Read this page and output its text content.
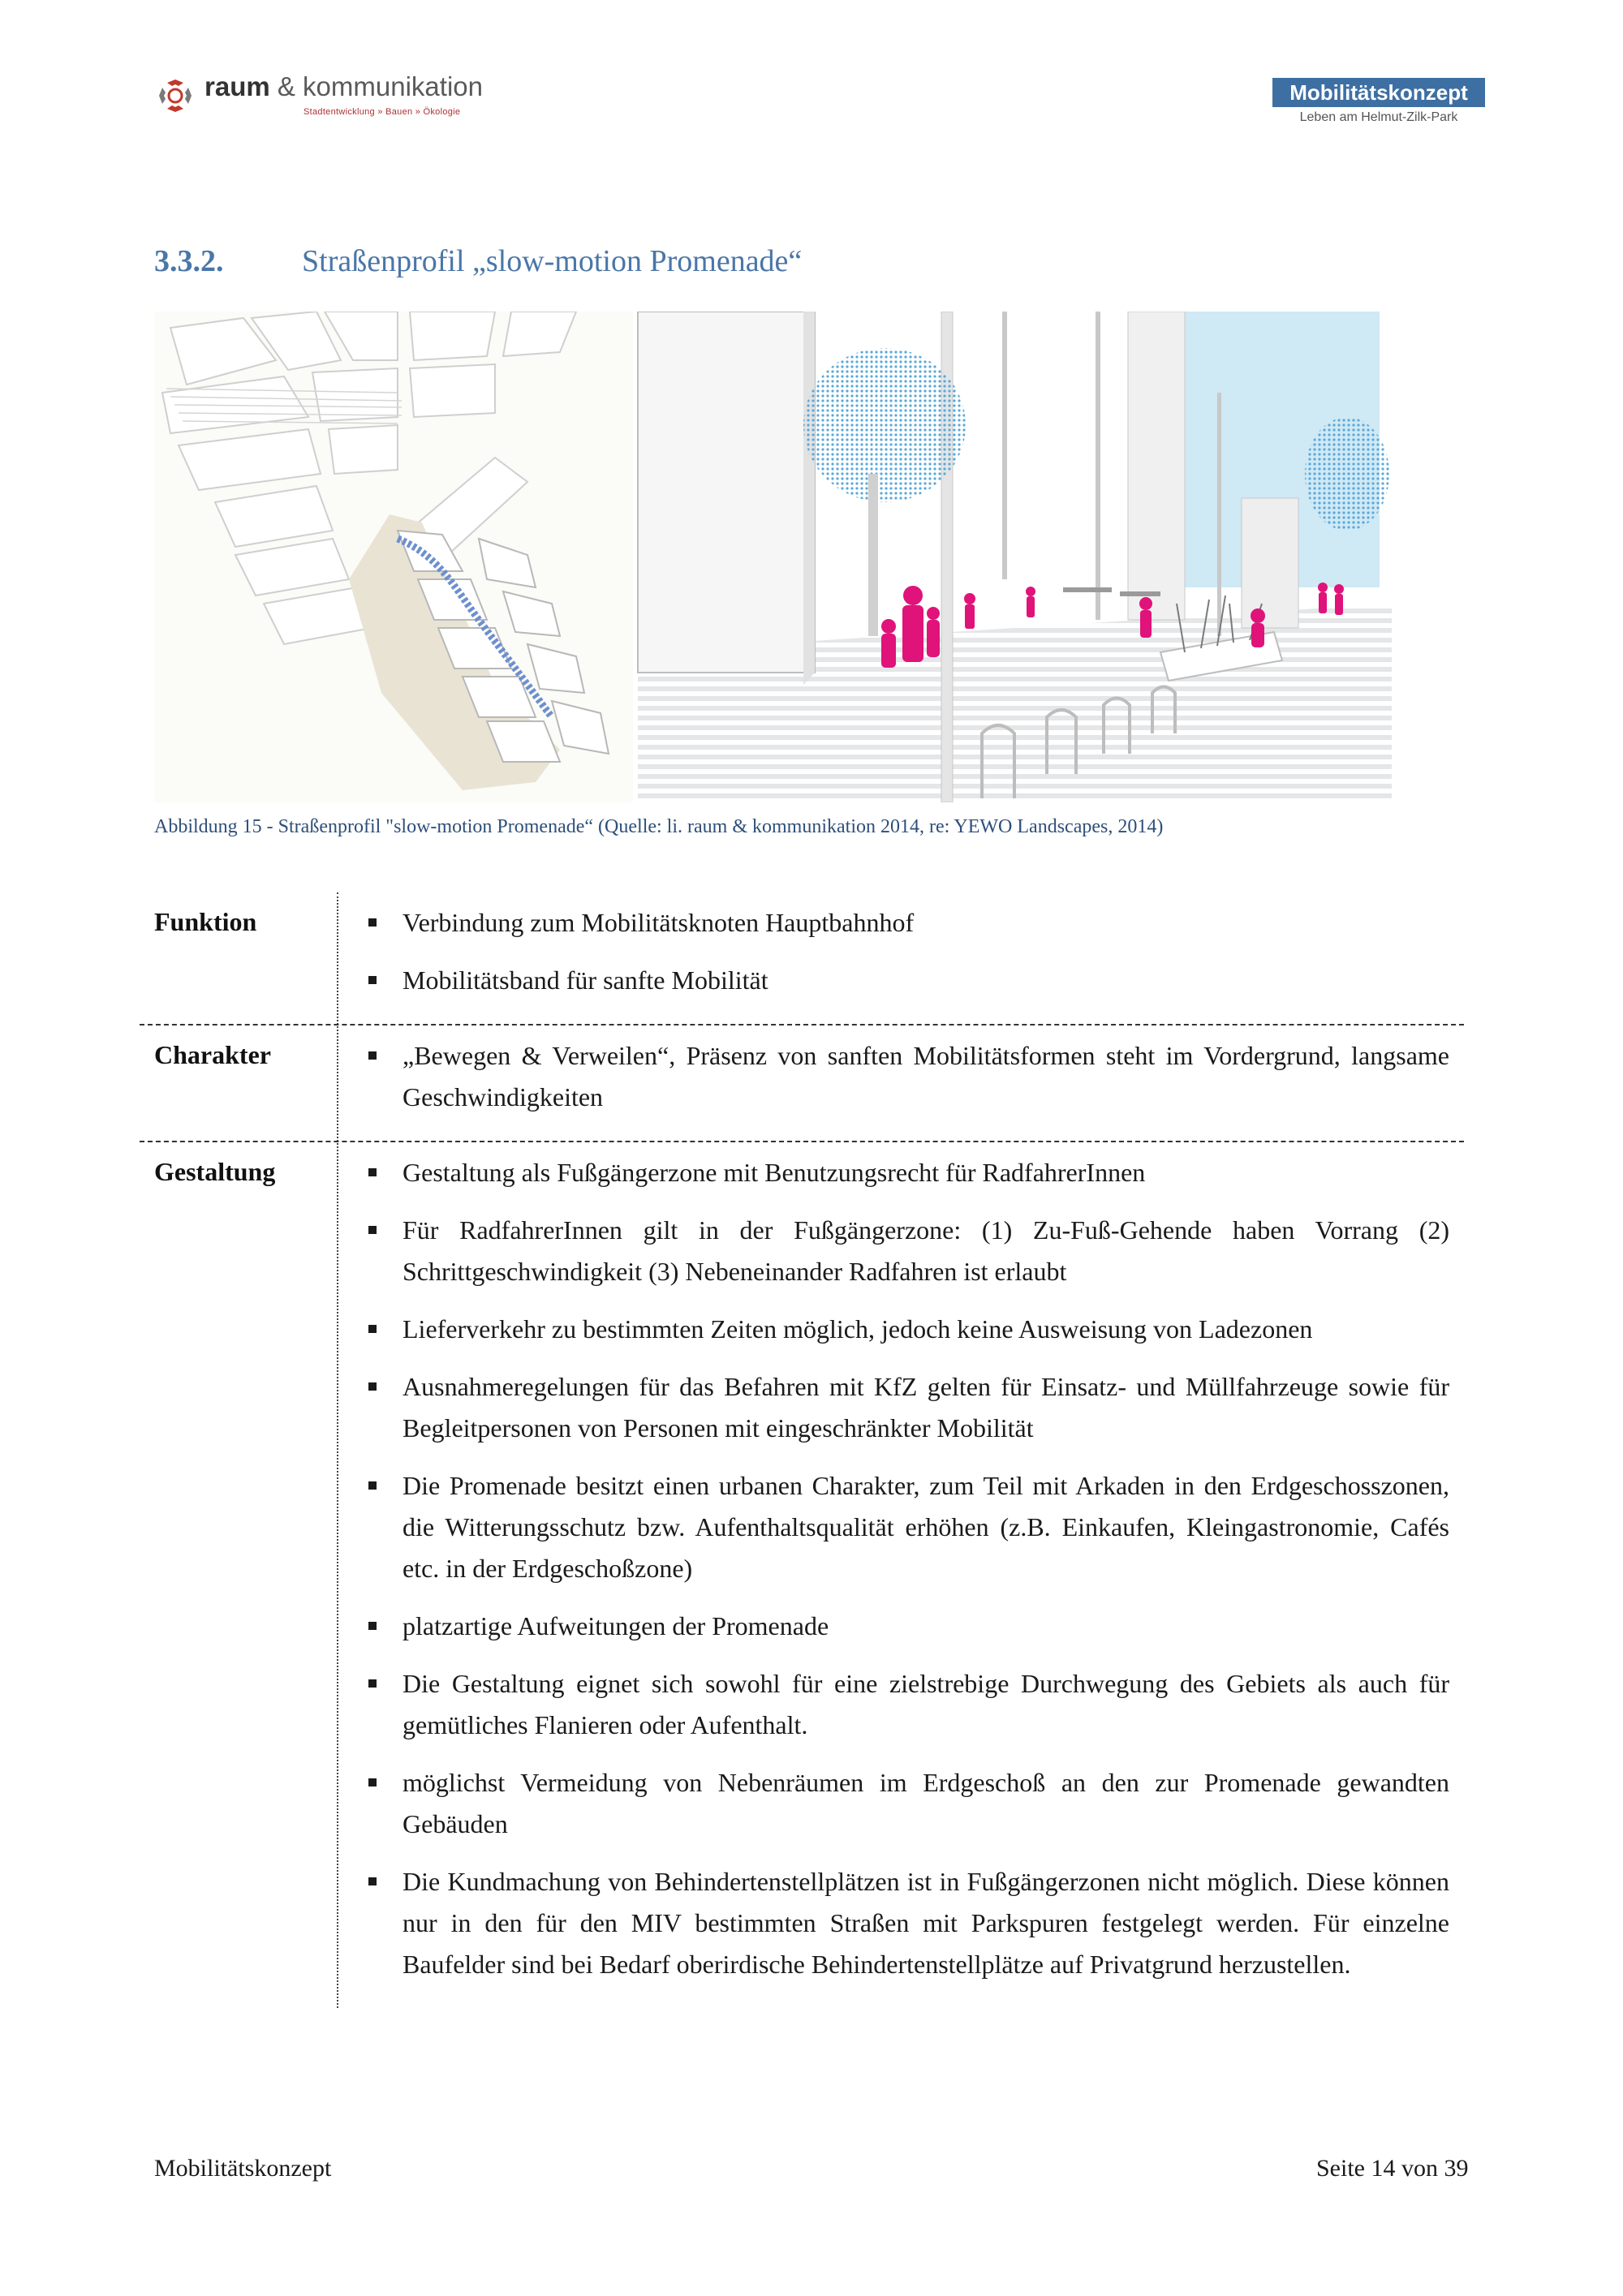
raum & kommunikation
Stadtentwicklung » Bauen » Ökologie
Mobilitätskonzept
Leben am Helmut-Zilk-Park
3.3.2.	Straßenprofil „slow-motion Promenade“
Abbildung 15 - Straßenprofil "slow-motion Promenade“ (Quelle: li. raum & kommunikation 2014, re: YEWO Landscapes, 2014)
Funktion	Verbindung zum Mobilitätsknoten Hauptbahnhof
Mobilitätsband für sanfte Mobilität
Charakter	„Bewegen & Verweilen“, Präsenz von sanften Mobilitätsformen steht im Vordergrund, langsame Geschwindigkeiten
Gestaltung	Gestaltung als Fußgängerzone mit Benutzungsrecht für RadfahrerInnen
Für RadfahrerInnen gilt in der Fußgängerzone: (1) Zu-Fuß-Gehende haben Vorrang (2) Schrittgeschwindigkeit (3) Nebeneinander Radfahren ist erlaubt
Lieferverkehr zu bestimmten Zeiten möglich, jedoch keine Ausweisung von Ladezonen
Ausnahmeregelungen für das Befahren mit KfZ gelten für Einsatz- und Müllfahrzeuge sowie für Begleitpersonen von Personen mit eingeschränkter Mobilität
Die Promenade besitzt einen urbanen Charakter, zum Teil mit Arkaden in den Erdgeschosszonen, die Witterungsschutz bzw. Aufenthaltsqualität erhöhen (z.B. Einkaufen, Kleingastronomie, Cafés etc. in der Erdgeschoßzone)
platzartige Aufweitungen der Promenade
Die Gestaltung eignet sich sowohl für eine zielstrebige Durchwegung des Gebiets als auch für gemütliches Flanieren oder Aufenthalt.
möglichst Vermeidung von Nebenräumen im Erdgeschoß an den zur Promenade gewandten Gebäuden
Die Kundmachung von Behindertenstellplätzen ist in Fußgängerzonen nicht möglich. Diese können nur in den für den MIV bestimmten Straßen mit Parkspuren festgelegt werden. Für einzelne Baufelder sind bei Bedarf oberirdische Behindertenstellplätze auf Privatgrund herzustellen.
Mobilitätskonzept	Seite 14 von 39
